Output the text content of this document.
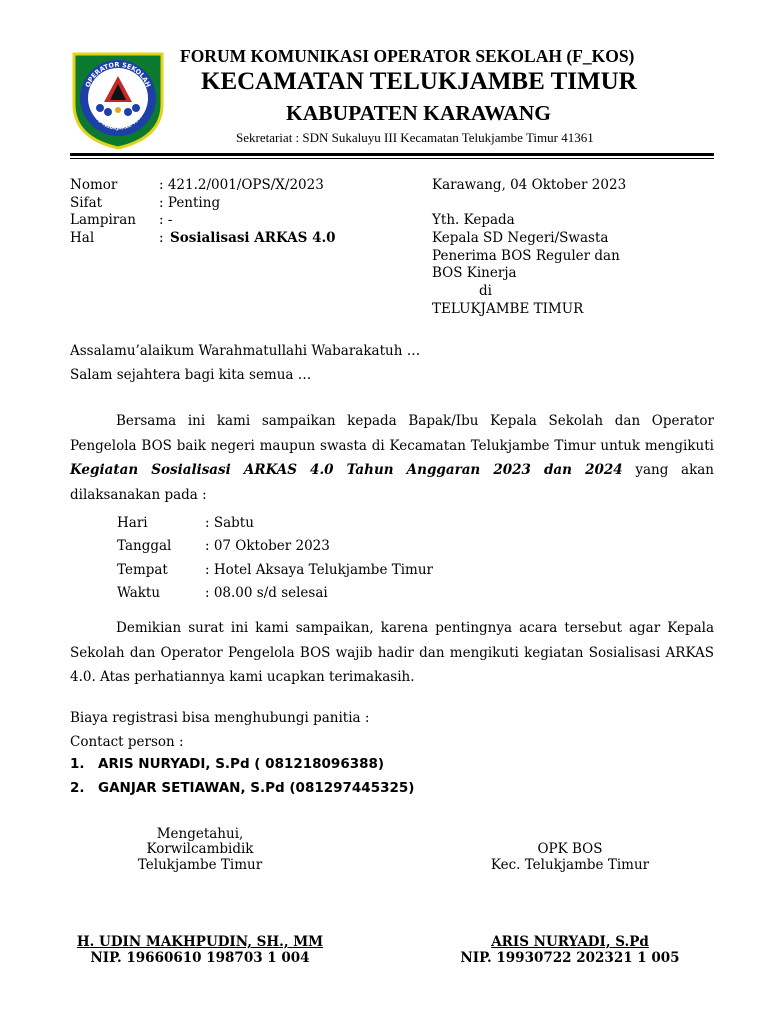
OPERATOR SEKOLAH
FKOS TELUKJAMBE TIMUR
FORUM KOMUNIKASI OPERATOR SEKOLAH (F_KOS)
KECAMATAN TELUKJAMBE TIMUR
KABUPATEN KARAWANG
Sekretariat : SDN Sukaluyu III Kecamatan Telukjambe Timur 41361
Nomor	: 421.2/001/OPS/X/2023
Sifat	: Penting
Lampiran : -
Hal	: Sosialisasi ARKAS 4.0
Karawang, 04 Oktober 2023
Yth. Kepada
Kepala SD Negeri/Swasta
Penerima BOS Reguler dan
BOS Kinerja
di
TELUKJAMBE TIMUR
Assalamu’alaikum Warahmatullahi Wabarakatuh …
Salam sejahtera bagi kita semua …
Bersama ini kami sampaikan kepada Bapak/Ibu Kepala Sekolah dan Operator Pengelola BOS baik negeri maupun swasta di Kecamatan Telukjambe Timur untuk mengikuti Kegiatan Sosialisasi ARKAS 4.0 Tahun Anggaran 2023 dan 2024 yang akan dilaksanakan pada :
Hari	: Sabtu
Tanggal : 07 Oktober 2023
Tempat	: Hotel Aksaya Telukjambe Timur
Waktu	: 08.00 s/d selesai
Demikian surat ini kami sampaikan, karena pentingnya acara tersebut agar Kepala Sekolah dan Operator Pengelola BOS wajib hadir dan mengikuti kegiatan Sosialisasi ARKAS 4.0. Atas perhatiannya kami ucapkan terimakasih.
Biaya registrasi bisa menghubungi panitia :
Contact person :
1. ARIS NURYADI, S.Pd ( 081218096388)
2. GANJAR SETIAWAN, S.Pd (081297445325)
Mengetahui,
Korwilcambidik
Telukjambe Timur
H. UDIN MAKHPUDIN, SH., MM
NIP. 19660610 198703 1 004
OPK BOS
Kec. Telukjambe Timur
ARIS NURYADI, S.Pd
NIP. 19930722 202321 1 005
